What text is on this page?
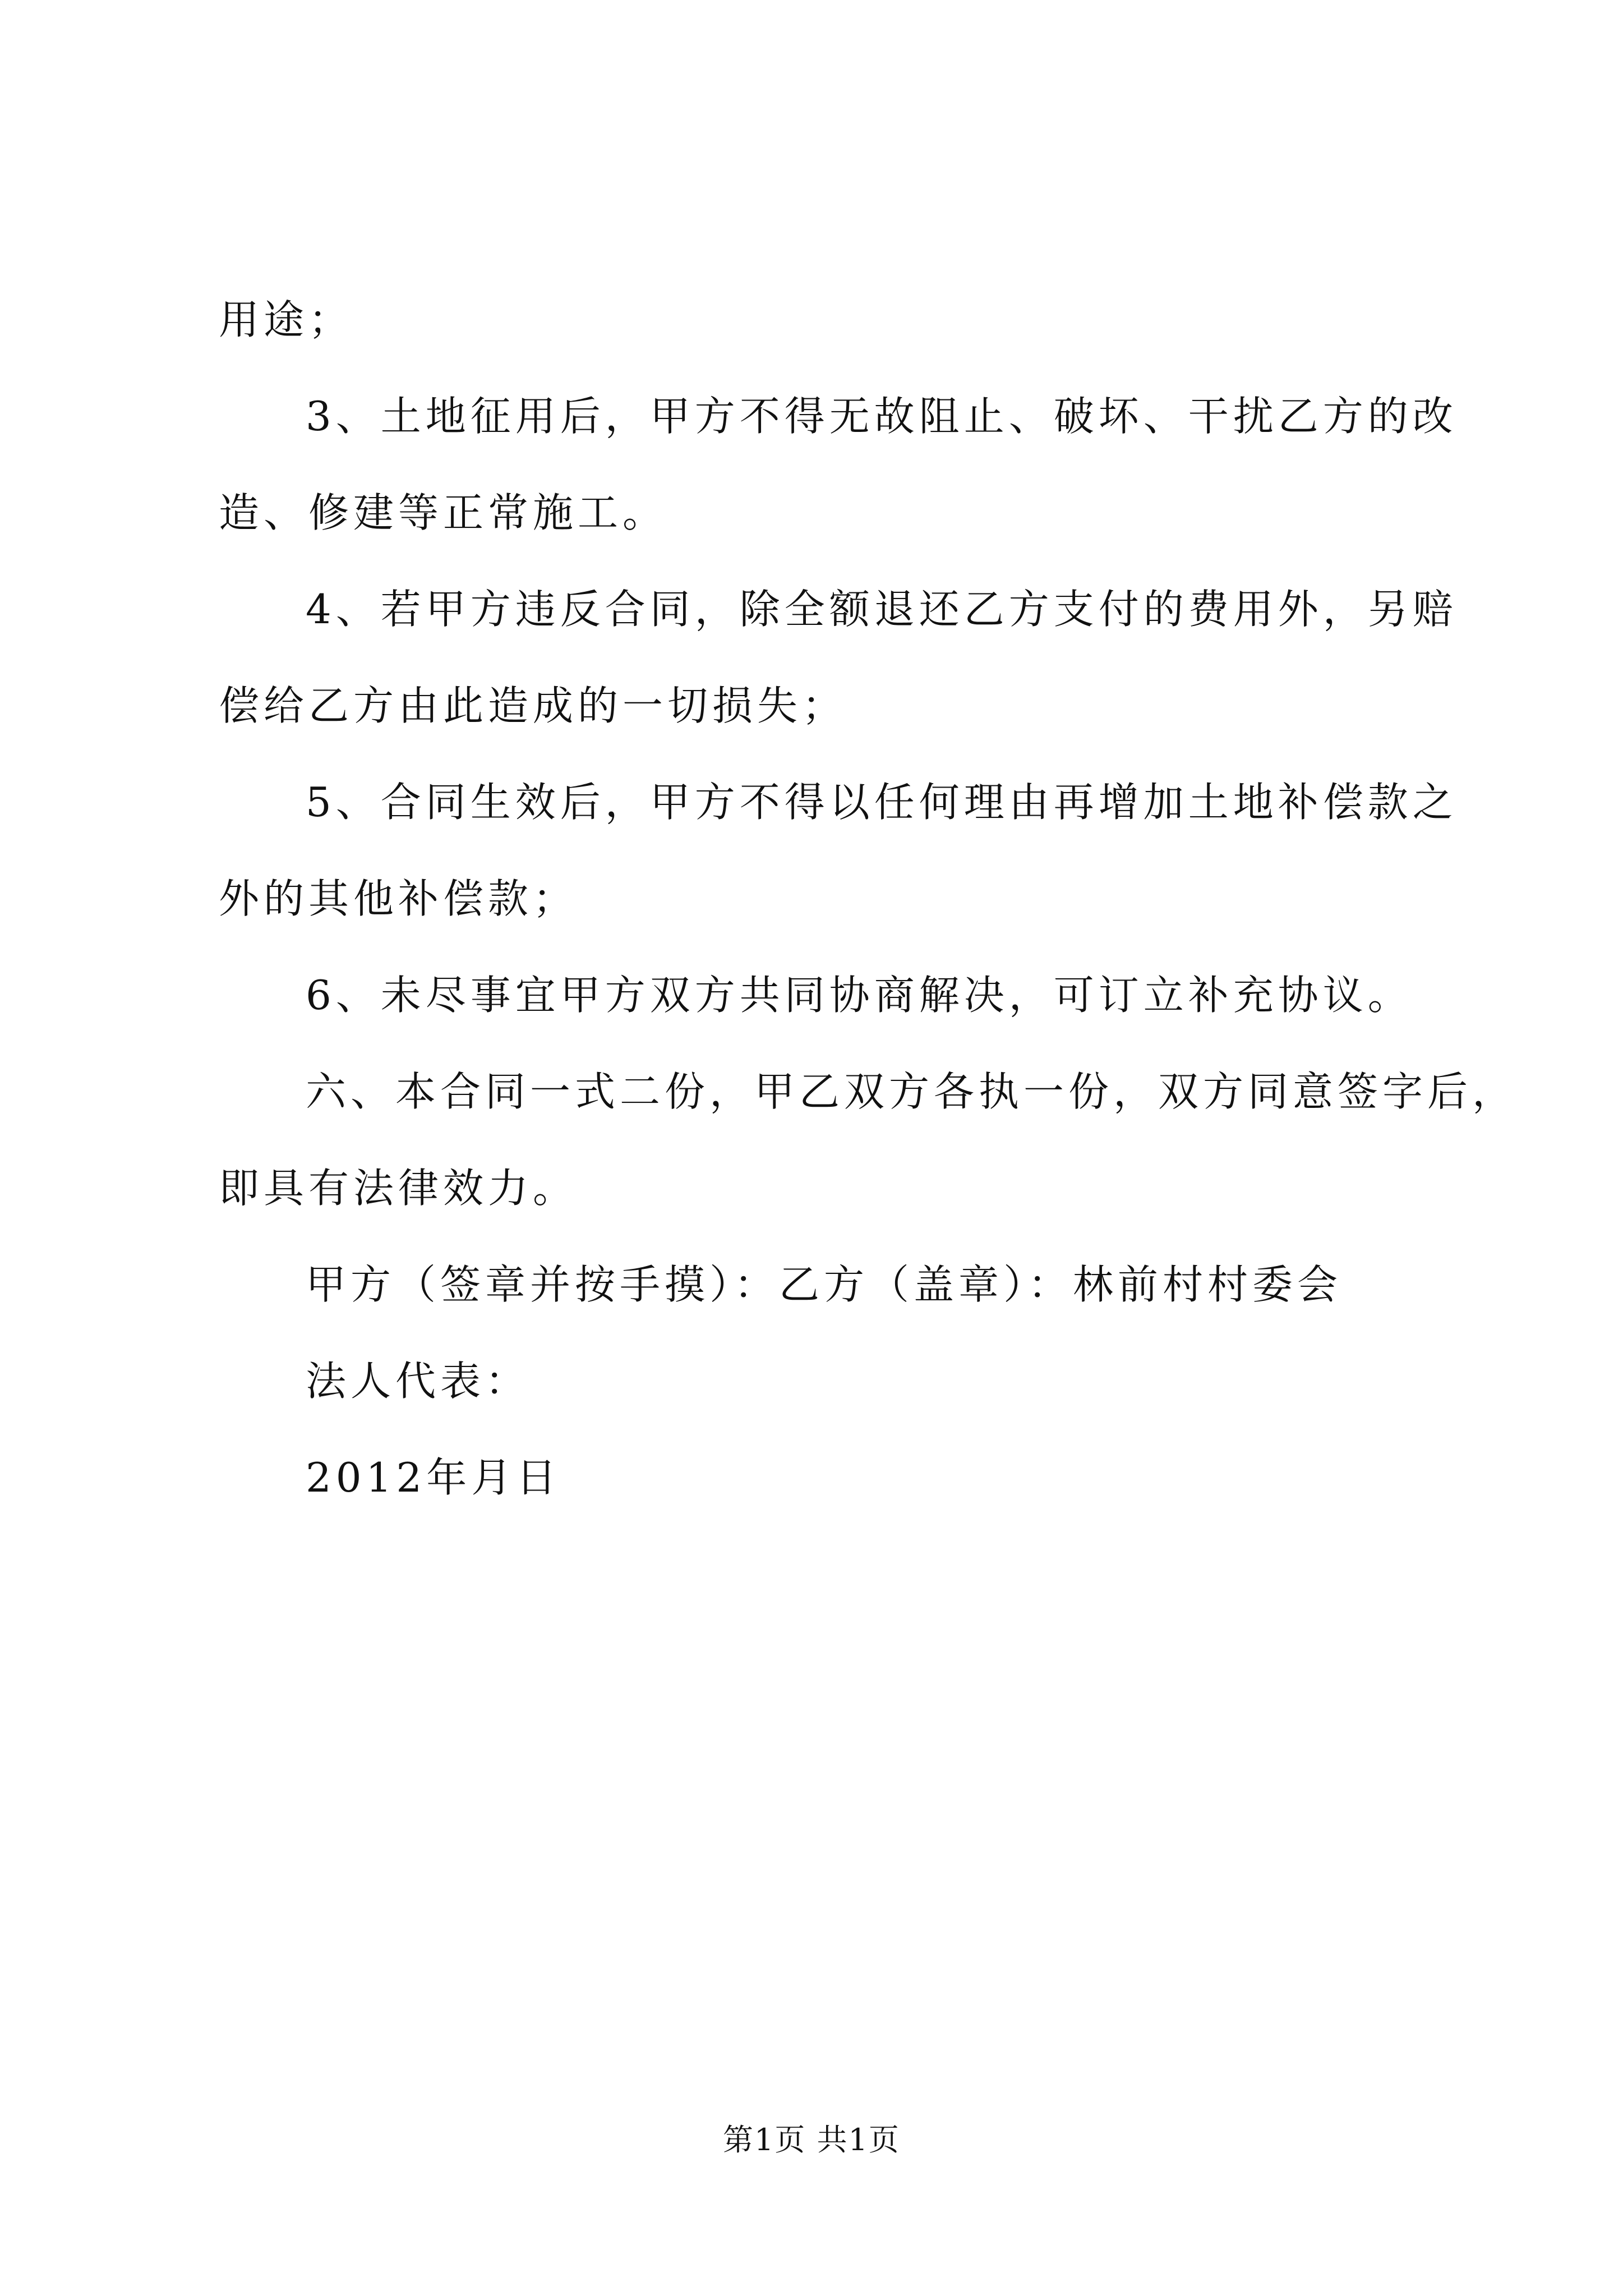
用途；
3、土地征用后，甲方不得无故阻止、破坏、干扰乙方的改
造、修建等正常施工。
4、若甲方违反合同，除全额退还乙方支付的费用外，另赔
偿给乙方由此造成的一切损失；
5、合同生效后，甲方不得以任何理由再增加土地补偿款之
外的其他补偿款；
6、未尽事宜甲方双方共同协商解决，可订立补充协议。
六、本合同一式二份，甲乙双方各执一份，双方同意签字后，
即具有法律效力。
甲方（签章并按手摸）：乙方（盖章）：林前村村委会
法人代表：
2012年月日
第1页 共1页
